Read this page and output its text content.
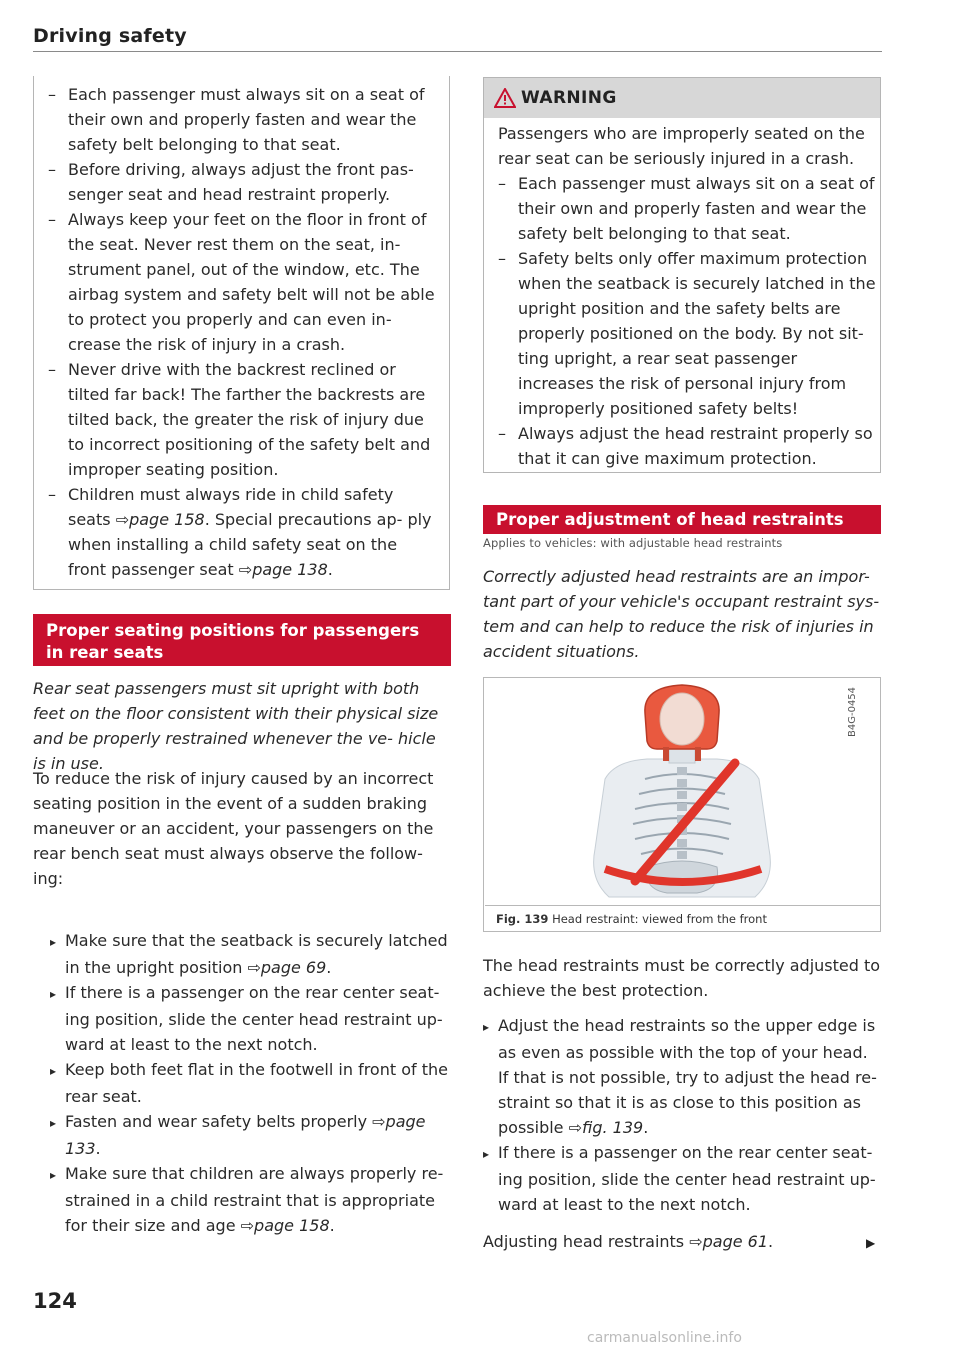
Driving safety
– Each passenger must always sit on a seat of their own and properly fasten and wear the safety belt belonging to that seat.
– Before driving, always adjust the front pas- senger seat and head restraint properly.
– Always keep your feet on the floor in front of the seat. Never rest them on the seat, in- strument panel, out of the window, etc. The airbag system and safety belt will not be able to protect you properly and can even in- crease the risk of injury in a crash.
– Never drive with the backrest reclined or tilted far back! The farther the backrests are tilted back, the greater the risk of injury due to incorrect positioning of the safety belt and improper seating position.
– Children must always ride in child safety seats ⇨page 158. Special precautions ap- ply when installing a child safety seat on the front passenger seat ⇨page 138.
Proper seating positions for passengers in rear seats
Rear seat passengers must sit upright with both feet on the floor consistent with their physical size and be properly restrained whenever the ve- hicle is in use.
To reduce the risk of injury caused by an incorrect seating position in the event of a sudden braking maneuver or an accident, your passengers on the rear bench seat must always observe the follow- ing:
▸ Make sure that the seatback is securely latched in the upright position ⇨page 69.
▸ If there is a passenger on the rear center seat- ing position, slide the center head restraint up- ward at least to the next notch.
▸ Keep both feet flat in the footwell in front of the rear seat.
▸ Fasten and wear safety belts properly ⇨page 133.
▸ Make sure that children are always properly re- strained in a child restraint that is appropriate for their size and age ⇨page 158.
WARNING
Passengers who are improperly seated on the rear seat can be seriously injured in a crash.
– Each passenger must always sit on a seat of their own and properly fasten and wear the safety belt belonging to that seat.
– Safety belts only offer maximum protection when the seatback is securely latched in the upright position and the safety belts are properly positioned on the body. By not sit- ting upright, a rear seat passenger increases the risk of personal injury from improperly positioned safety belts!
– Always adjust the head restraint properly so that it can give maximum protection.
Proper adjustment of head restraints
Applies to vehicles: with adjustable head restraints
Correctly adjusted head restraints are an impor- tant part of your vehicle's occupant restraint sys- tem and can help to reduce the risk of injuries in accident situations.
B4G-0454
Fig. 139 Head restraint: viewed from the front
The head restraints must be correctly adjusted to achieve the best protection.
▸ Adjust the head restraints so the upper edge is as even as possible with the top of your head. If that is not possible, try to adjust the head re- straint so that it is as close to this position as possible ⇨fig. 139.
▸ If there is a passenger on the rear center seat- ing position, slide the center head restraint up- ward at least to the next notch.
Adjusting head restraints ⇨page 61.	▶
124
carmanualsonline.info
